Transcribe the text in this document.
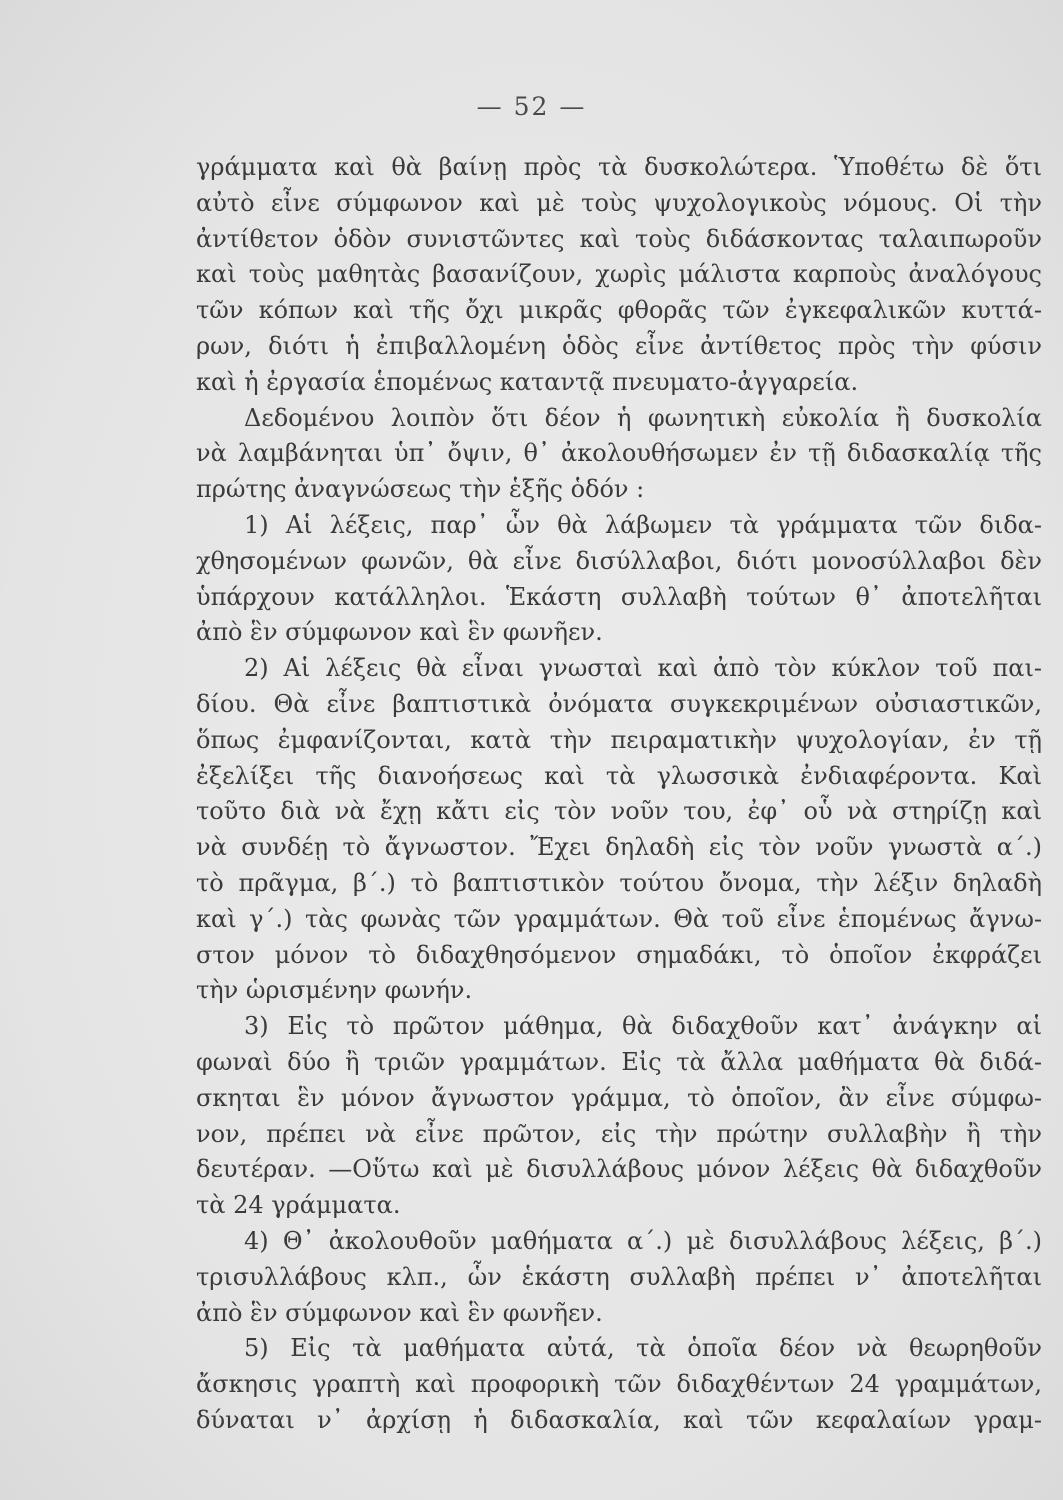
— 52 —
γράμματα καὶ θὰ βαίνῃ πρὸς τὰ δυσκολώτερα. Ὑποθέτω δὲ ὅτι
αὐτὸ εἶνε σύμφωνον καὶ μὲ τοὺς ψυχολογικοὺς νόμους. Οἱ τὴν
ἀντίθετον ὁδὸν συνιστῶντες καὶ τοὺς διδάσκοντας ταλαιπωροῦν
καὶ τοὺς μαθητὰς βασανίζουν, χωρὶς μάλιστα καρποὺς ἀναλόγους
τῶν κόπων καὶ τῆς ὄχι μικρᾶς φθορᾶς τῶν ἐγκεφαλικῶν κυττά-
ρων, διότι ἡ ἐπιβαλλομένη ὁδὸς εἶνε ἀντίθετος πρὸς τὴν φύσιν
καὶ ἡ ἐργασία ἑπομένως καταντᾷ πνευματο-ἀγγαρεία.
Δεδομένου λοιπὸν ὅτι δέον ἡ φωνητικὴ εὐκολία ἢ δυσκολία
νὰ λαμβάνηται ὑπ᾽ ὄψιν, θ᾽ ἀκολουθήσωμεν ἐν τῇ διδασκαλίᾳ τῆς
πρώτης ἀναγνώσεως τὴν ἑξῆς ὁδόν :
1) Αἱ λέξεις, παρ᾽ ὧν θὰ λάβωμεν τὰ γράμματα τῶν διδα-
χθησομένων φωνῶν, θὰ εἶνε δισύλλαβοι, διότι μονοσύλλαβοι δὲν
ὑπάρχουν κατάλληλοι. Ἑκάστη συλλαβὴ τούτων θ᾽ ἀποτελῆται
ἀπὸ ἓν σύμφωνον καὶ ἓν φωνῆεν.
2) Αἱ λέξεις θὰ εἶναι γνωσταὶ καὶ ἀπὸ τὸν κύκλον τοῦ παι-
δίου. Θὰ εἶνε βαπτιστικὰ ὀνόματα συγκεκριμένων οὐσιαστικῶν,
ὅπως ἐμφανίζονται, κατὰ τὴν πειραματικὴν ψυχολογίαν, ἐν τῇ
ἐξελίξει τῆς διανοήσεως καὶ τὰ γλωσσικὰ ἐνδιαφέροντα. Καὶ
τοῦτο διὰ νὰ ἔχῃ κἄτι εἰς τὸν νοῦν του, ἐφ᾽ οὗ νὰ στηρίζῃ καὶ
νὰ συνδέῃ τὸ ἄγνωστον. Ἔχει δηλαδὴ εἰς τὸν νοῦν γνωστὰ α΄.)
τὸ πρᾶγμα, β΄.) τὸ βαπτιστικὸν τούτου ὄνομα, τὴν λέξιν δηλαδὴ
καὶ γ΄.) τὰς φωνὰς τῶν γραμμάτων. Θὰ τοῦ εἶνε ἑπομένως ἄγνω-
στον μόνον τὸ διδαχθησόμενον σημαδάκι, τὸ ὁποῖον ἐκφράζει
τὴν ὡρισμένην φωνήν.
3) Εἰς τὸ πρῶτον μάθημα, θὰ διδαχθοῦν κατ᾽ ἀνάγκην αἱ
φωναὶ δύο ἢ τριῶν γραμμάτων. Εἰς τὰ ἄλλα μαθήματα θὰ διδά-
σκηται ἓν μόνον ἄγνωστον γράμμα, τὸ ὁποῖον, ἂν εἶνε σύμφω-
νον, πρέπει νὰ εἶνε πρῶτον, εἰς τὴν πρώτην συλλαβὴν ἢ τὴν
δευτέραν. —Οὕτω καὶ μὲ δισυλλάβους μόνον λέξεις θὰ διδαχθοῦν
τὰ 24 γράμματα.
4) Θ᾽ ἀκολουθοῦν μαθήματα α΄.) μὲ δισυλλάβους λέξεις, β΄.)
τρισυλλάβους κλπ., ὧν ἑκάστη συλλαβὴ πρέπει ν᾽ ἀποτελῆται
ἀπὸ ἓν σύμφωνον καὶ ἓν φωνῆεν.
5) Εἰς τὰ μαθήματα αὐτά, τὰ ὁποῖα δέον νὰ θεωρηθοῦν
ἄσκησις γραπτὴ καὶ προφορικὴ τῶν διδαχθέντων 24 γραμμάτων,
δύναται ν᾽ ἀρχίσῃ ἡ διδασκαλία, καὶ τῶν κεφαλαίων γραμ-
